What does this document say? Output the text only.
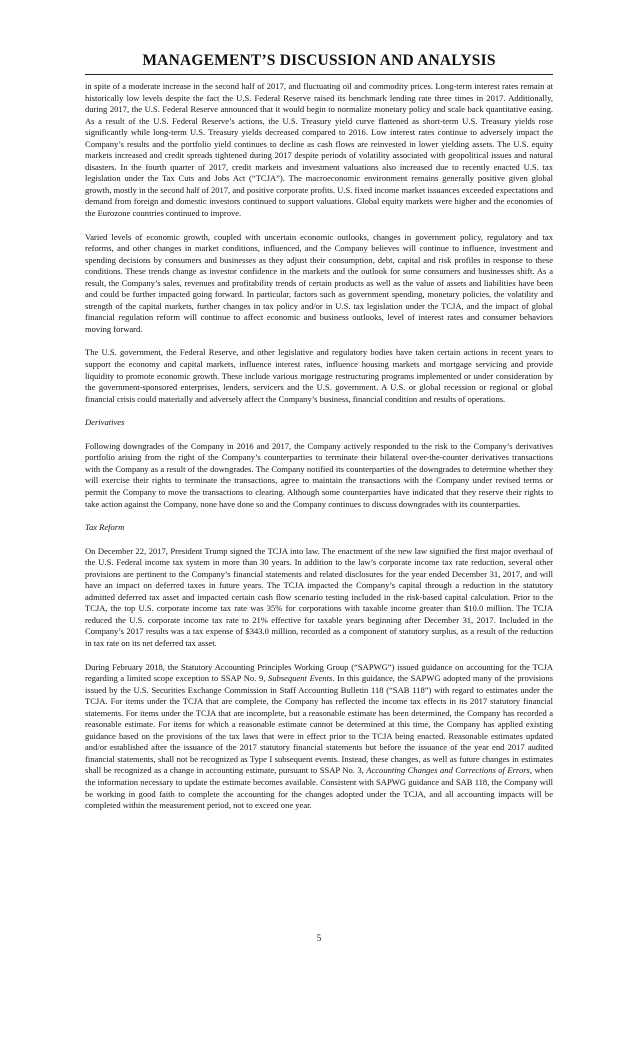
MANAGEMENT’S DISCUSSION AND ANALYSIS

in spite of a moderate increase in the second half of 2017, and fluctuating oil and commodity prices. Long-term interest rates remain at historically low levels despite the fact the U.S. Federal Reserve raised its benchmark lending rate three times in 2017. Additionally, during 2017, the U.S. Federal Reserve announced that it would begin to normalize monetary policy and scale back quantitative easing. As a result of the U.S. Federal Reserve’s actions, the U.S. Treasury yield curve flattened as short-term U.S. Treasury yields rose significantly while long-term U.S. Treasury yields decreased compared to 2016. Low interest rates continue to adversely impact the Company’s results and the portfolio yield continues to decline as cash flows are reinvested in lower yielding assets. The U.S. equity markets increased and credit spreads tightened during 2017 despite periods of volatility associated with geopolitical issues and natural disasters. In the fourth quarter of 2017, credit markets and investment valuations also increased due to recently enacted U.S. tax legislation under the Tax Cuts and Jobs Act (“TCJA”). The macroeconomic environment remains generally positive given global growth, mostly in the second half of 2017, and positive corporate profits. U.S. fixed income market issuances exceeded expectations and demand from foreign and domestic investors continued to support valuations. Global equity markets were higher and the economies of the Eurozone countries continued to improve.

Varied levels of economic growth, coupled with uncertain economic outlooks, changes in government policy, regulatory and tax reforms, and other changes in market conditions, influenced, and the Company believes will continue to influence, investment and spending decisions by consumers and businesses as they adjust their consumption, debt, capital and risk profiles in response to these conditions. These trends change as investor confidence in the markets and the outlook for some consumers and businesses shift. As a result, the Company’s sales, revenues and profitability trends of certain products as well as the value of assets and liabilities have been and could be further impacted going forward. In particular, factors such as government spending, monetary policies, the volatility and strength of the capital markets, further changes in tax policy and/or in U.S. tax legislation under the TCJA, and the impact of global financial regulation reform will continue to affect economic and business outlooks, level of interest rates and consumer behaviors moving forward.

The U.S. government, the Federal Reserve, and other legislative and regulatory bodies have taken certain actions in recent years to support the economy and capital markets, influence interest rates, influence housing markets and mortgage servicing and provide liquidity to promote economic growth. These include various mortgage restructuring programs implemented or under consideration by the government-sponsored enterprises, lenders, servicers and the U.S. government. A U.S. or global recession or regional or global financial crisis could materially and adversely affect the Company’s business, financial condition and results of operations.

Derivatives

Following downgrades of the Company in 2016 and 2017, the Company actively responded to the risk to the Company’s derivatives portfolio arising from the right of the Company’s counterparties to terminate their bilateral over-the-counter derivatives transactions with the Company as a result of the downgrades. The Company notified its counterparties of the downgrades to determine whether they will exercise their rights to terminate the transactions, agree to maintain the transactions with the Company under revised terms or permit the Company to move the transactions to clearing. Although some counterparties have indicated that they reserve their rights to take action against the Company, none have done so and the Company continues to discuss downgrades with its counterparties.

Tax Reform

On December 22, 2017, President Trump signed the TCJA into law. The enactment of the new law signified the first major overhaul of the U.S. Federal income tax system in more than 30 years. In addition to the law’s corporate income tax rate reduction, several other provisions are pertinent to the Company’s financial statements and related disclosures for the year ended December 31, 2017, and will have an impact on deferred taxes in future years. The TCJA impacted the Company’s capital through a reduction in the statutory admitted deferred tax asset and impacted certain cash flow scenario testing included in the risk-based capital calculation. Prior to the TCJA, the top U.S. corporate income tax rate was 35% for corporations with taxable income greater than $10.0 million. The TCJA reduced the U.S. corporate income tax rate to 21% effective for taxable years beginning after December 31, 2017. Included in the Company’s 2017 results was a tax expense of $343.0 million, recorded as a component of statutory surplus, as a result of the reduction in tax rate on its net deferred tax asset.

During February 2018, the Statutory Accounting Principles Working Group (“SAPWG”) issued guidance on accounting for the TCJA regarding a limited scope exception to SSAP No. 9, Subsequent Events. In this guidance, the SAPWG adopted many of the provisions issued by the U.S. Securities Exchange Commission in Staff Accounting Bulletin 118 (“SAB 118”) with regard to estimates under the TCJA. For items under the TCJA that are complete, the Company has reflected the income tax effects in its 2017 statutory financial statements. For items under the TCJA that are incomplete, but a reasonable estimate has been determined, the Company has recorded a reasonable estimate. For items for which a reasonable estimate cannot be determined at this time, the Company has applied existing guidance based on the provisions of the tax laws that were in effect prior to the TCJA being enacted. Reasonable estimates updated and/or established after the issuance of the 2017 statutory financial statements but before the issuance of the year end 2017 audited financial statements, shall not be recognized as Type I subsequent events. Instead, these changes, as well as future changes in estimates shall be recognized as a change in accounting estimate, pursuant to SSAP No. 3, Accounting Changes and Corrections of Errors, when the information necessary to update the estimate becomes available. Consistent with SAPWG guidance and SAB 118, the Company will be working in good faith to complete the accounting for the changes adopted under the TCJA, and all accounting impacts will be completed within the measurement period, not to exceed one year.

5
